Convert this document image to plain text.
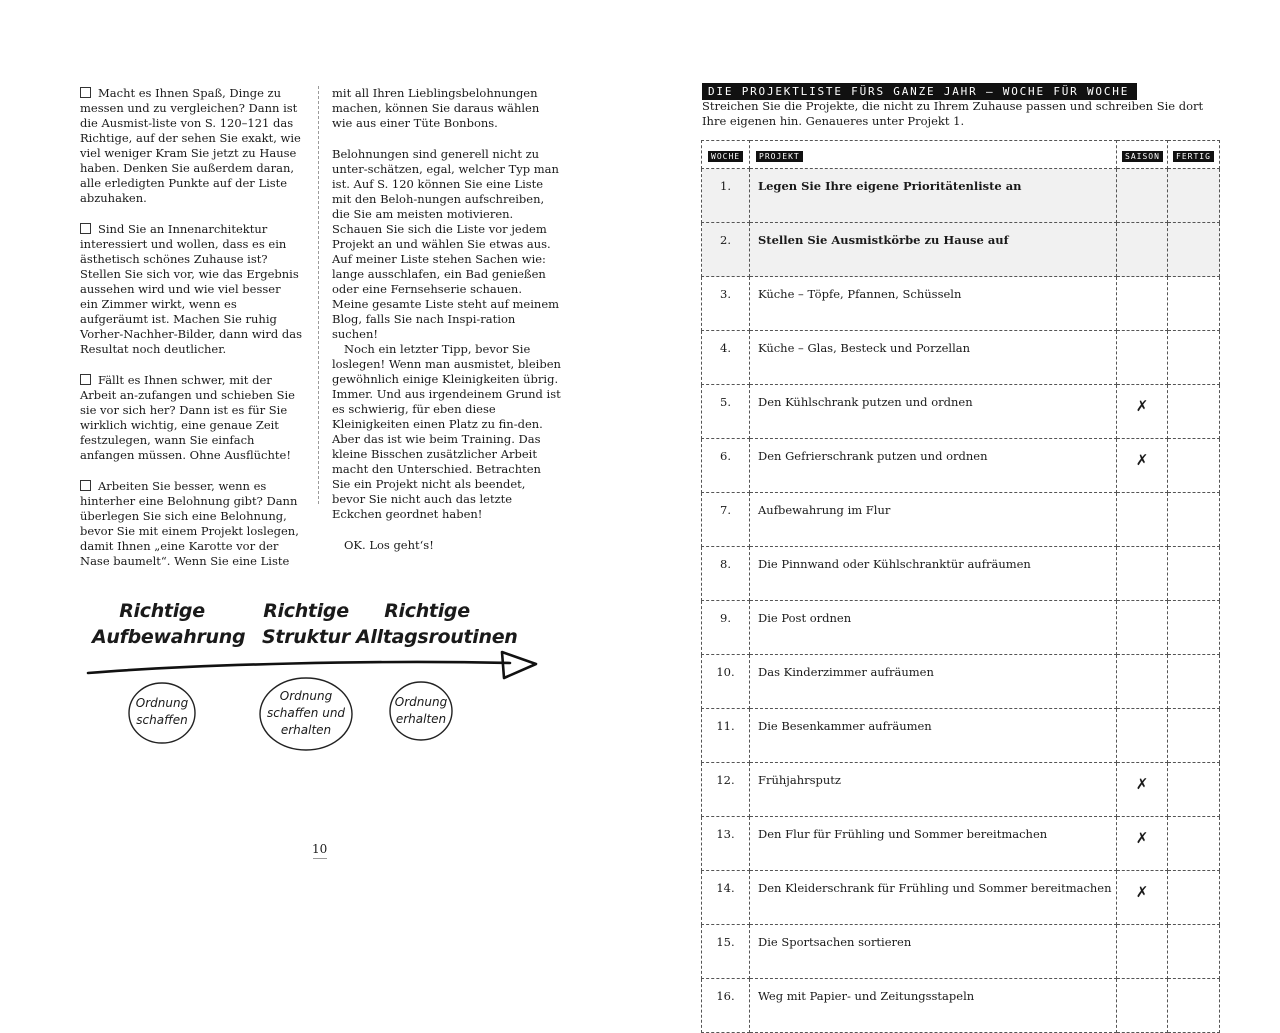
Macht es Ihnen Spaß, Dinge zu messen und zu vergleichen? Dann ist die Ausmist-liste von S. 120–121 das Richtige, auf der sehen Sie exakt, wie viel weniger Kram Sie jetzt zu Hause haben. Denken Sie außerdem daran, alle erledigten Punkte auf der Liste abzuhaken.

Sind Sie an Innenarchitektur interessiert und wollen, dass es ein ästhetisch schönes Zuhause ist? Stellen Sie sich vor, wie das Ergebnis aussehen wird und wie viel besser ein Zimmer wirkt, wenn es aufgeräumt ist. Machen Sie ruhig Vorher-Nachher-Bilder, dann wird das Resultat noch deutlicher.

Fällt es Ihnen schwer, mit der Arbeit an-zufangen und schieben Sie sie vor sich her? Dann ist es für Sie wirklich wichtig, eine genaue Zeit festzulegen, wann Sie einfach anfangen müssen. Ohne Ausflüchte!

Arbeiten Sie besser, wenn es hinterher eine Belohnung gibt? Dann überlegen Sie sich eine Belohnung, bevor Sie mit einem Projekt loslegen, damit Ihnen „eine Karotte vor der Nase baumelt“. Wenn Sie eine Liste

mit all Ihren Lieblingsbelohnungen machen, können Sie daraus wählen wie aus einer Tüte Bonbons.

Belohnungen sind generell nicht zu unter-schätzen, egal, welcher Typ man ist. Auf S. 120 können Sie eine Liste mit den Beloh-nungen aufschreiben, die Sie am meisten motivieren. Schauen Sie sich die Liste vor jedem Projekt an und wählen Sie etwas aus. Auf meiner Liste stehen Sachen wie: lange ausschlafen, ein Bad genießen oder eine Fernsehserie schauen. Meine gesamte Liste steht auf meinem Blog, falls Sie nach Inspi-ration suchen!

Noch ein letzter Tipp, bevor Sie loslegen! Wenn man ausmistet, bleiben gewöhnlich einige Kleinigkeiten übrig. Immer. Und aus irgendeinem Grund ist es schwierig, für eben diese Kleinigkeiten einen Platz zu fin-den. Aber das ist wie beim Training. Das kleine Bisschen zusätzlicher Arbeit macht den Unterschied. Betrachten Sie ein Projekt nicht als beendet, bevor Sie nicht auch das letzte Eckchen geordnet haben!

OK. Los geht‘s!

Richtige
Aufbewahrung
Richtige
Struktur
Richtige
Alltagsroutinen
Ordnung
schaffen
Ordnung
schaffen und
erhalten
Ordnung
erhalten
10
DIE PROJEKTLISTE FÜRS GANZE JAHR – WOCHE FÜR WOCHE
Streichen Sie die Projekte, die nicht zu Ihrem Zuhause passen und schreiben Sie dort Ihre eigenen hin. Genaueres unter Projekt 1.
WOCHE	PROJEKT	SAISON	FERTIG
1.	Legen Sie Ihre eigene Prioritätenliste an		
2.	Stellen Sie Ausmistkörbe zu Hause auf		
3.	Küche – Töpfe, Pfannen, Schüsseln		
4.	Küche – Glas, Besteck und Porzellan		
5.	Den Kühlschrank putzen und ordnen	✗	
6.	Den Gefrierschrank putzen und ordnen	✗	
7.	Aufbewahrung im Flur		
8.	Die Pinnwand oder Kühlschranktür aufräumen		
9.	Die Post ordnen		
10.	Das Kinderzimmer aufräumen		
11.	Die Besenkammer aufräumen		
12.	Frühjahrsputz	✗	
13.	Den Flur für Frühling und Sommer bereitmachen	✗	
14.	Den Kleiderschrank für Frühling und Sommer bereitmachen	✗	
15.	Die Sportsachen sortieren		
16.	Weg mit Papier- und Zeitungsstapeln		
